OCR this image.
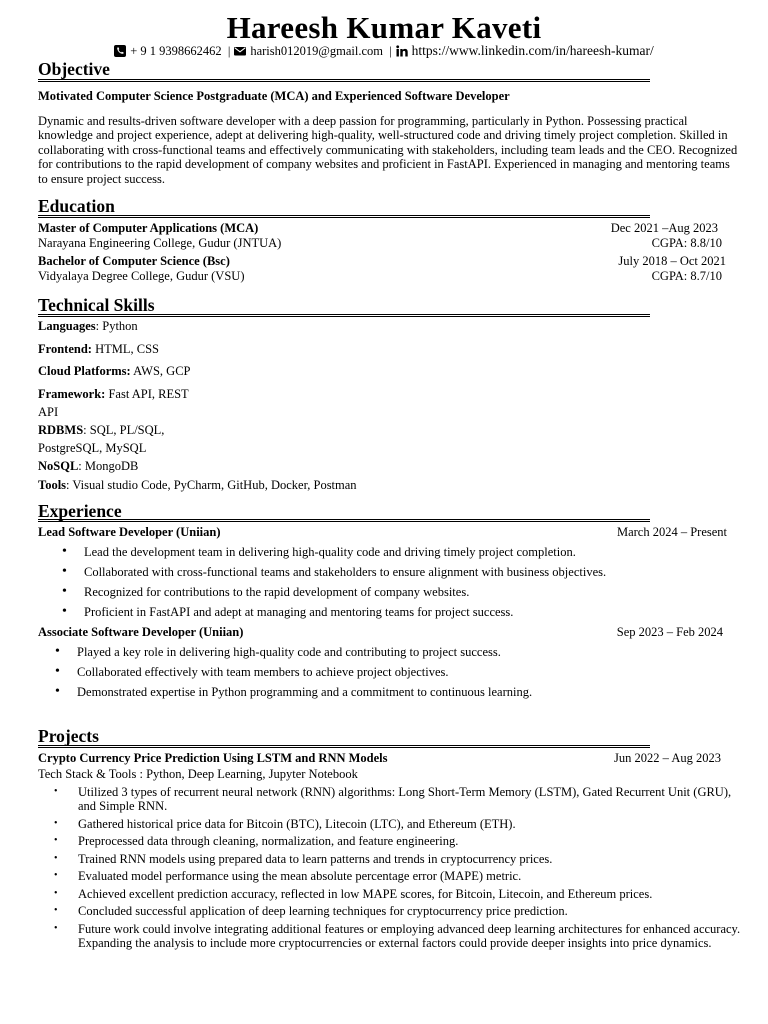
Hareesh Kumar Kaveti
+ 9 1 9398662462 | harish012019@gmail.com | https://www.linkedin.com/in/hareesh-kumar/
Objective
Motivated Computer Science Postgraduate (MCA) and Experienced Software Developer
Dynamic and results-driven software developer with a deep passion for programming, particularly in Python. Possessing practical knowledge and project experience, adept at delivering high-quality, well-structured code and driving timely project completion. Skilled in collaborating with cross-functional teams and effectively communicating with stakeholders, including team leads and the CEO. Recognized for contributions to the rapid development of company websites and proficient in FastAPI. Experienced in managing and mentoring teams to ensure project success.
Education
Master of Computer Applications (MCA)	Dec 2021 –Aug 2023
Narayana Engineering College, Gudur (JNTUA)	CGPA: 8.8/10
Bachelor of Computer Science (Bsc)	July 2018 – Oct 2021
Vidyalaya Degree College, Gudur (VSU)	CGPA: 8.7/10
Technical Skills
Languages: Python
Frontend: HTML, CSS
Cloud Platforms: AWS, GCP
Framework: Fast API, REST
API
RDBMS: SQL, PL/SQL,
PostgreSQL, MySQL
NoSQL: MongoDB
Tools: Visual studio Code, PyCharm, GitHub, Docker, Postman
Experience
Lead Software Developer (Uniian)	March 2024 – Present
• Lead the development team in delivering high-quality code and driving timely project completion.
• Collaborated with cross-functional teams and stakeholders to ensure alignment with business objectives.
• Recognized for contributions to the rapid development of company websites.
• Proficient in FastAPI and adept at managing and mentoring teams for project success.
Associate Software Developer (Uniian)	Sep 2023 – Feb 2024
• Played a key role in delivering high-quality code and contributing to project success.
• Collaborated effectively with team members to achieve project objectives.
• Demonstrated expertise in Python programming and a commitment to continuous learning.
Projects
Crypto Currency Price Prediction Using LSTM and RNN Models	Jun 2022 – Aug 2023
Tech Stack & Tools : Python, Deep Learning, Jupyter Notebook
• Utilized 3 types of recurrent neural network (RNN) algorithms: Long Short-Term Memory (LSTM), Gated Recurrent Unit (GRU), and Simple RNN.
• Gathered historical price data for Bitcoin (BTC), Litecoin (LTC), and Ethereum (ETH).
• Preprocessed data through cleaning, normalization, and feature engineering.
• Trained RNN models using prepared data to learn patterns and trends in cryptocurrency prices.
• Evaluated model performance using the mean absolute percentage error (MAPE) metric.
• Achieved excellent prediction accuracy, reflected in low MAPE scores, for Bitcoin, Litecoin, and Ethereum prices.
• Concluded successful application of deep learning techniques for cryptocurrency price prediction.
• Future work could involve integrating additional features or employing advanced deep learning architectures for enhanced accuracy. Expanding the analysis to include more cryptocurrencies or external factors could provide deeper insights into price dynamics.
